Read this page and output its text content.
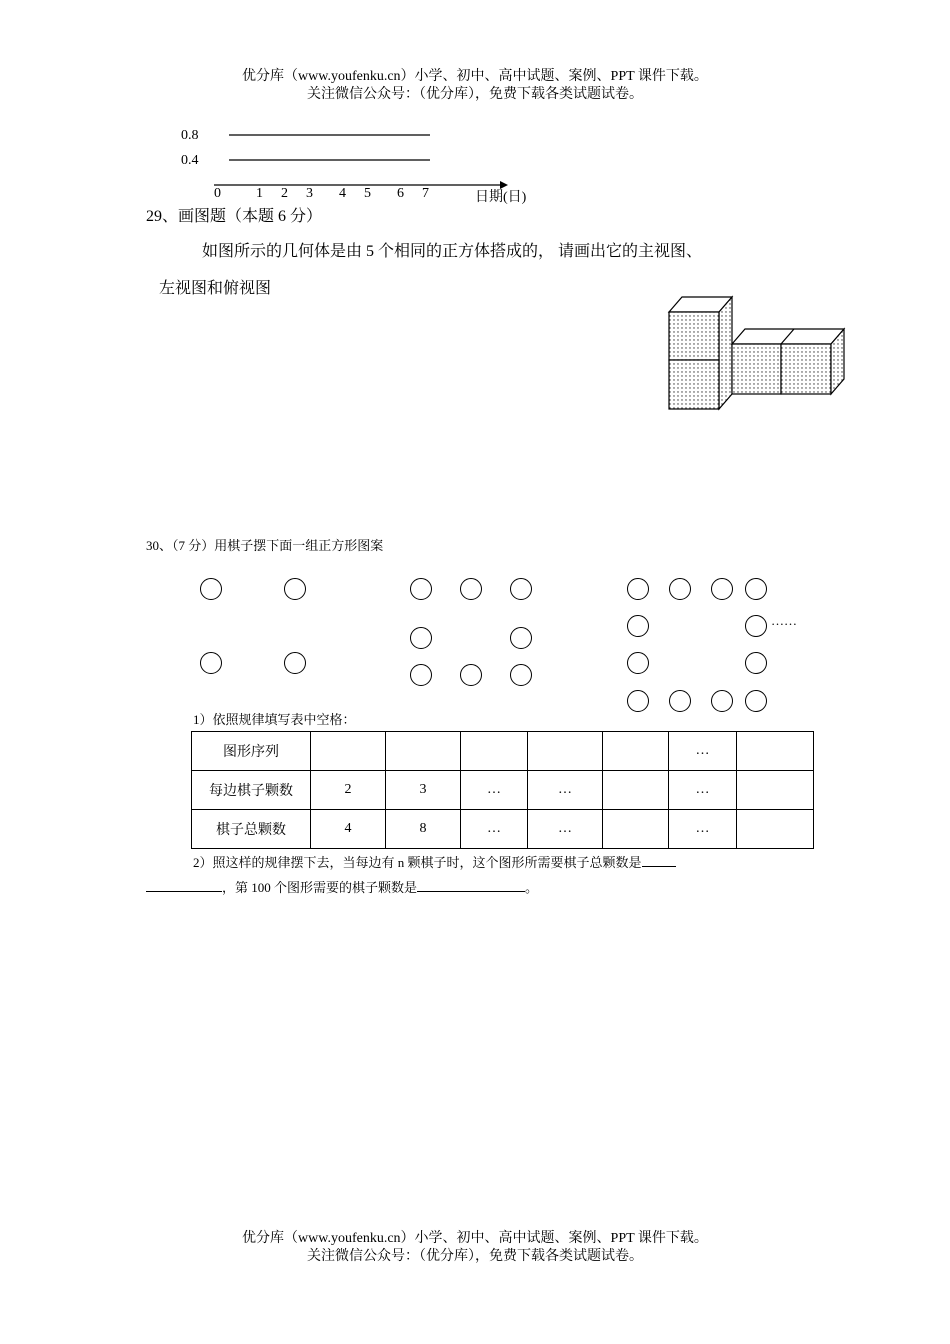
优分库（www.youfenku.cn）小学、初中、高中试题、案例、PPT 课件下载。
关注微信公众号：（优分库），免费下载各类试题试卷。
0.8
0.4
0	1 2 3 4 5 6 7	日期(日)
29、画图题（本题 6 分）
如图所示的几何体是由 5 个相同的正方体搭成的， 请画出它的主视图、
左视图和俯视图
30、（7 分）用棋子摆下面一组正方形图案
……
1）依照规律填写表中空格：
图形序列						…	
每边棋子颗数	2	3	…	…		…	
棋子总颗数	4	8	…	…		…	
2）照这样的规律摆下去，当每边有 n 颗棋子时，这个图形所需要棋子总颗数是
，第 100 个图形需要的棋子颗数是	。
优分库（www.youfenku.cn）小学、初中、高中试题、案例、PPT 课件下载。
关注微信公众号：（优分库），免费下载各类试题试卷。
